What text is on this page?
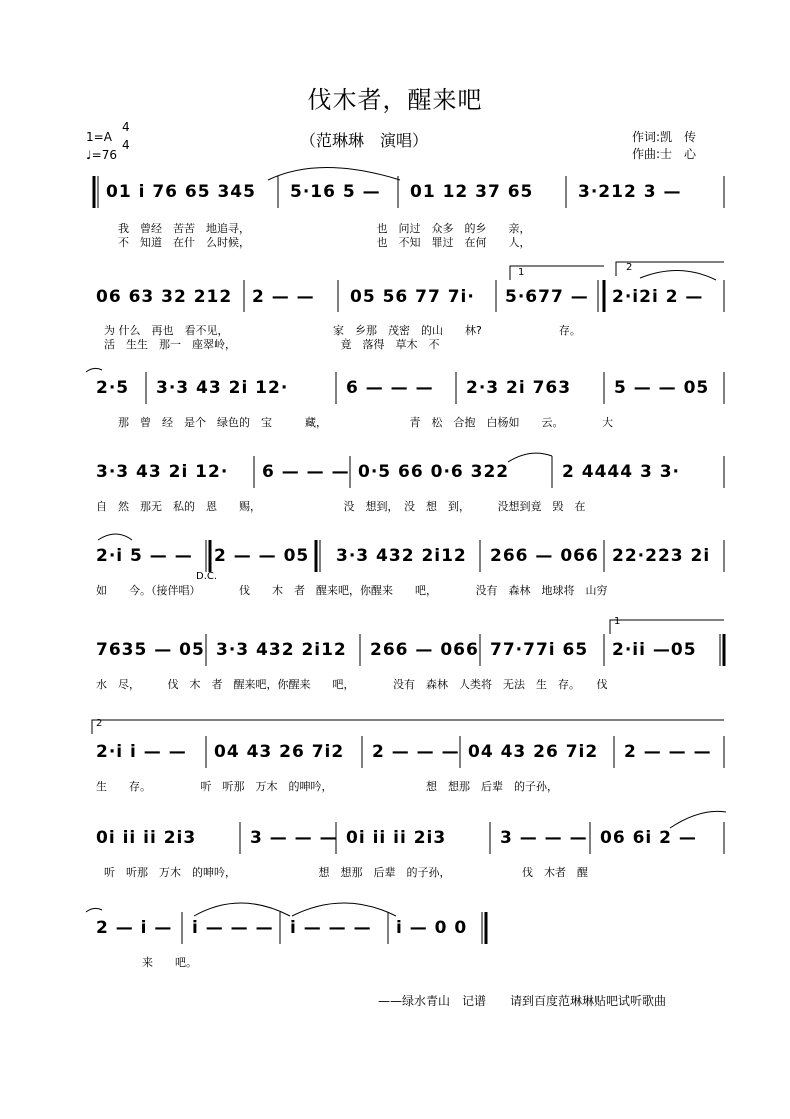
伐木者，醒来吧
（范琳琳　演唱）	作词:凯　传
作曲:士　心
1=A
4
4
♩=76
01 i 76 65 345 5·16 5 — 01 12 37 65	3·212 3 —
我　曾经　苦苦　地追寻，　　　　　　　　　　　　也　问过　众多　的乡　　亲，
不　知道　在什　么时候，　　　　　　　　　　　　也　不知　罪过　在何　　人，
06 63 32 212 2 — — 05 56 77 7i· 5·677 — 2·i2i 2 —
1	2
为 什么　再也　看不见，　　　　　　　　　　家　乡那　茂密　的山　　林?　　　　　　　存。
活　生生　那一　座翠岭，　　　　　　　　　　竟　落得　草木　不
2·5 3·3 43 2i 12·	6 — — — 2·3 2i 763	5 — — 05
那　曾　经　是个　绿色的　宝　　　藏，　　　　　　　　青　松　合抱　白杨如　　云。　　　　大
3·3 43 2i 12· 6 — — — 0·5 66 0·6 322	2 4444 3 3·
自　然　那无　私的　恩　　赐，　　　　　　　　没　想到，　没　想　到，　　　没想到竟　毁　在
2·i 5 — — 2 — — 05 3·3 432 2i12 266 — 066 22·223 2i
D.C.
如　　今。（接伴唱）　　　　伐　　木　者　醒来吧，你醒来　　吧，　　　　没有　森林　地球将　山穷
7635 — 05 3·3 432 2i12 266 — 066 77·77i 65 2·ii —05
1
水　尽，　　　伐　木　者　醒来吧，你醒来　　吧，　　　　没有　森林　人类将　无法　生　存。　　伐
2·i i — — 04 43 26 7i2 2 — — — 04 43 26 7i2 2 — — —
2
生　　存。　　　　　听　听那　万木　的呻吟，　　　　　　　　　想　想那　后辈　的子孙，
0i ii ii 2i3	3 — — — 0i ii ii 2i3	3 — — — 06 6i 2 —
听　听那　万木　的呻吟，　　　　　　　　想　想那　后辈　的子孙，　　　　　　　伐　木者　醒
2 — i — i — — — i — — — i — 0 0
来　　吧。
——绿水青山　记谱　　请到百度范琳琳贴吧试听歌曲
